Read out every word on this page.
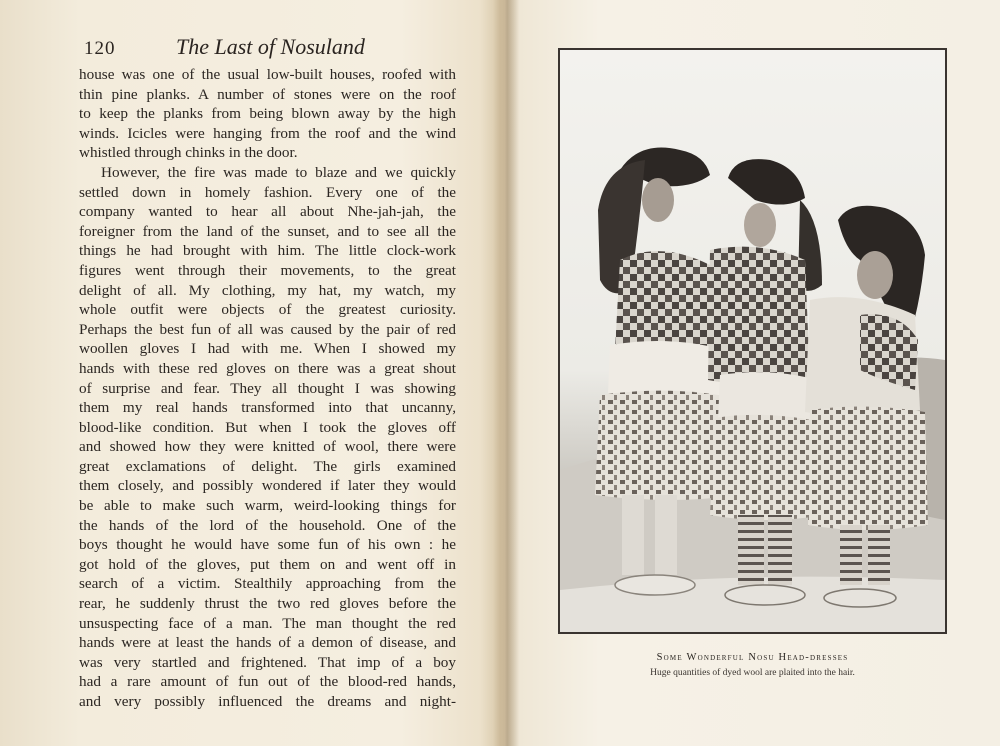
120	The Last of Nosuland
house was one of the usual low-built houses, roofed with
thin pine planks. A number of stones were on the roof
to keep the planks from being blown away by the high
winds. Icicles were hanging from the roof and the wind
whistled through chinks in the door.
However, the fire was made to blaze and we quickly
settled down in homely fashion. Every one of the
company wanted to hear all about Nhe-jah-jah, the
foreigner from the land of the sunset, and to see all the
things he had brought with him. The little clock-work
figures went through their movements, to the great
delight of all. My clothing, my hat, my watch, my
whole outfit were objects of the greatest curiosity.
Perhaps the best fun of all was caused by the pair of red
woollen gloves I had with me. When I showed my
hands with these red gloves on there was a great shout
of surprise and fear. They all thought I was showing
them my real hands transformed into that uncanny,
blood-like condition. But when I took the gloves off
and showed how they were knitted of wool, there were
great exclamations of delight. The girls examined
them closely, and possibly wondered if later they would
be able to make such warm, weird-looking things for
the hands of the lord of the household. One of the
boys thought he would have some fun of his own : he
got hold of the gloves, put them on and went off in
search of a victim. Stealthily approaching from the
rear, he suddenly thrust the two red gloves before the
unsuspecting face of a man. The man thought the red
hands were at least the hands of a demon of disease, and
was very startled and frightened. That imp of a boy
had a rare amount of fun out of the blood-red hands,
and very possibly influenced the dreams and night-
Some Wonderful Nosu Head-dresses
Huge quantities of dyed wool are plaited into the hair.
